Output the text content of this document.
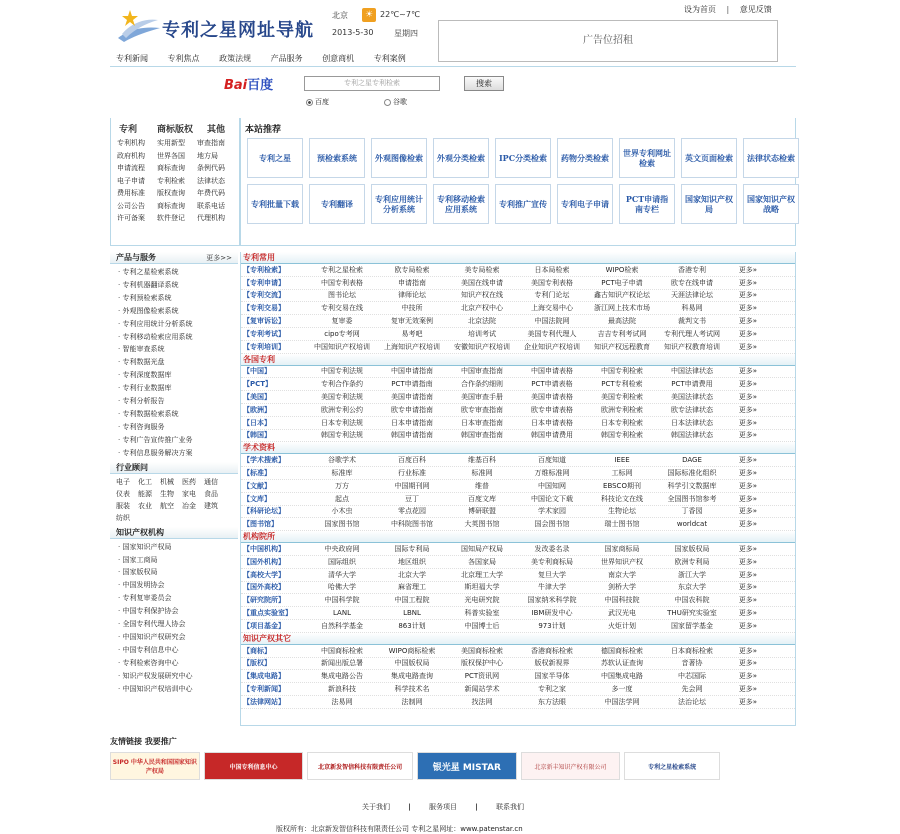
专利之星网址导航
北京	☀ 22℃~7℃
2013-5-30	星期四
设为首页 | 意见反馈
广告位招租
专利新闻 专利焦点 政策法规 产品服务 创意商机 专利案例
Bai百度	专利之星专利检索	搜索
百度	谷歌
专利 商标版权 其他
专利机构	实用新型	审查指南
政府机构	世界各国	地方局
申请流程	商标查询	条例代码
电子申请	专利检索	法律状态
费用标准	版权查询	年费代码
公司公告	商标查询	联系电话
许可备案	软件登记	代理机构
本站推荐
专利之星	预检索系统	外观图像检索	外观分类检索	IPC分类检索	药物分类检索	世界专利网址检索	英文页面检索	法律状态检索
专利批量下载	专利翻译	专利应用统计分析系统
专利移动检索应用系统	专利推广宣传	专利电子申请	PCT申请指南专栏
国家知识产权局
国家知识产权战略
产品与服务	更多>>
· 专利之星检索系统
· 专利机器翻译系统
· 专利预检索系统
· 外观图像检索系统
· 专利应用统计分析系统
· 专利移动检索应用系统
· 智能审查系统
· 专利数据光盘
· 专利深度数据库
· 专利行业数据库
· 专利分析报告
· 专利数据检索系统
· 专利咨询服务
· 专利广告宣传推广业务
· 专利信息服务解决方案
行业顾问
电子	化工	机械	医药	通信
仪表	能源	生物	家电	食品
服装	农业	航空	冶金	建筑
纺织
知识产权机构
· 国家知识产权局
· 国家工商局
· 国家版权局
· 中国发明协会
· 专利复审委员会
· 中国专利保护协会
· 全国专利代理人协会
· 中国知识产权研究会
· 中国专利信息中心
· 专利检索咨询中心
· 知识产权发展研究中心
· 中国知识产权培训中心
专利常用
【专利检索】	专利之星检索	欧专局检索	美专局检索	日本局检索	WIPO检索	香港专利	更多»
【专利申请】	中国专利表格	申请指南	美国在线申请	美国专利表格	PCT电子申请	欧专在线申请	更多»
【专利交流】	图书论坛	律师论坛	知识产权在线	专利门论坛	鑫古知识产权论坛	天涯法律论坛	更多»
【专利交易】	专利交易在线	中技所	北京产权中心	上海交易中心	浙江网上技术市场	科易网	更多»
【复审诉讼】	复审委	复审无效案例	北京法院	中国法院网	最高法院	裁判文书	更多»
【专利考试】	cipo专考网	易考吧	培训考试	美国专利代理人	吉吉专利考试网	专利代理人考试网	更多»
【专利培训】	中国知识产权培训	上海知识产权培训	安徽知识产权培训	企业知识产权培训	知识产权远程教育	知识产权教育培训	更多»
各国专利
【中国】	中国专利法规	中国申请指南	中国审查指南	中国申请表格	中国专利检索	中国法律状态	更多»
【PCT】	专利合作条约	PCT申请指南	合作条约细则	PCT申请表格	PCT专利检索	PCT申请费用	更多»
【美国】	美国专利法规	美国申请指南	美国审查手册	美国申请表格	美国专利检索	美国法律状态	更多»
【欧洲】	欧洲专利公约	欧专申请指南	欧专审查指南	欧专申请表格	欧洲专利检索	欧专法律状态	更多»
【日本】	日本专利法规	日本申请指南	日本审查指南	日本申请表格	日本专利检索	日本法律状态	更多»
【韩国】	韩国专利法规	韩国申请指南	韩国审查指南	韩国申请费用	韩国专利检索	韩国法律状态	更多»
学术资料
【学术搜索】	谷歌学术	百度百科	维基百科	百度知道	IEEE	DAGE	更多»
【标准】	标准库	行业标准	标准网	万维标准网	工标网	国际标准化组织	更多»
【文献】	万方	中国期刊网	维普	中国知网	EBSCO期刊	科学引文数据库	更多»
【文库】	起点	豆丁	百度文库	中国论文下载	科技论文在线	全国图书馆参考	更多»
【科研论坛】	小木虫	零点花园	博研联盟	学术家园	生物论坛	丁香园	更多»
【图书馆】	国家图书馆	中科院图书馆	大英图书馆	国会图书馆	瑞士图书馆	worldcat	更多»
机构院所
【中国机构】	中央政府网	国际专利局	国知局产权局	发改委名录	国家商标局	国家版权局	更多»
【国外机构】	国际组织	地区组织	各国家局	美专利商标局	世界知识产权	欧洲专利局	更多»
【高校大学】	清华大学	北京大学	北京理工大学	复旦大学	南京大学	浙江大学	更多»
【国外高校】	哈佛大学	麻省理工	斯坦福大学	牛津大学	剑桥大学	东京大学	更多»
【研究院所】	中国科学院	中国工程院	光电研究院	国家纳米科学院	中国科技院	中国农科院	更多»
【重点实验室】	LANL	LBNL	科普实验室	IBM研发中心	武汉光电	THU研究实验室	更多»
【项目基金】	自然科学基金	863计划	中国博士后	973计划	火炬计划	国家留学基金	更多»
知识产权其它
【商标】	中国商标检索	WIPO商标检索	美国商标检索	香港商标检索	德国商标检索	日本商标检索	更多»
【版权】	新闻出版总署	中国版权局	版权保护中心	版权新视界	苏软认证查询	音著协	更多»
【集成电路】	集成电路公告	集成电路查询	PCT资讯网	国家半导体	中国集成电路	中芯国际	更多»
【专利新闻】	新浪科技	科学技术名	新闻站学术	专利之家	多一度	先会网	更多»
【法律网站】	法易网	法制网	找法网	东方法眼	中国法学网	法治论坛	更多»
友情链接 我要推广
SIPO 中华人民共和国国家知识产权局
中国专利信息中心	北京新发智信科技有限责任公司	银光星 MISTAR	北京新丰知识产权有限公司	专利之星检索系统
关于我们	|	服务项目	|	联系我们
版权所有：北京新发智信科技有限责任公司 专利之星网址：www.patenstar.cn
